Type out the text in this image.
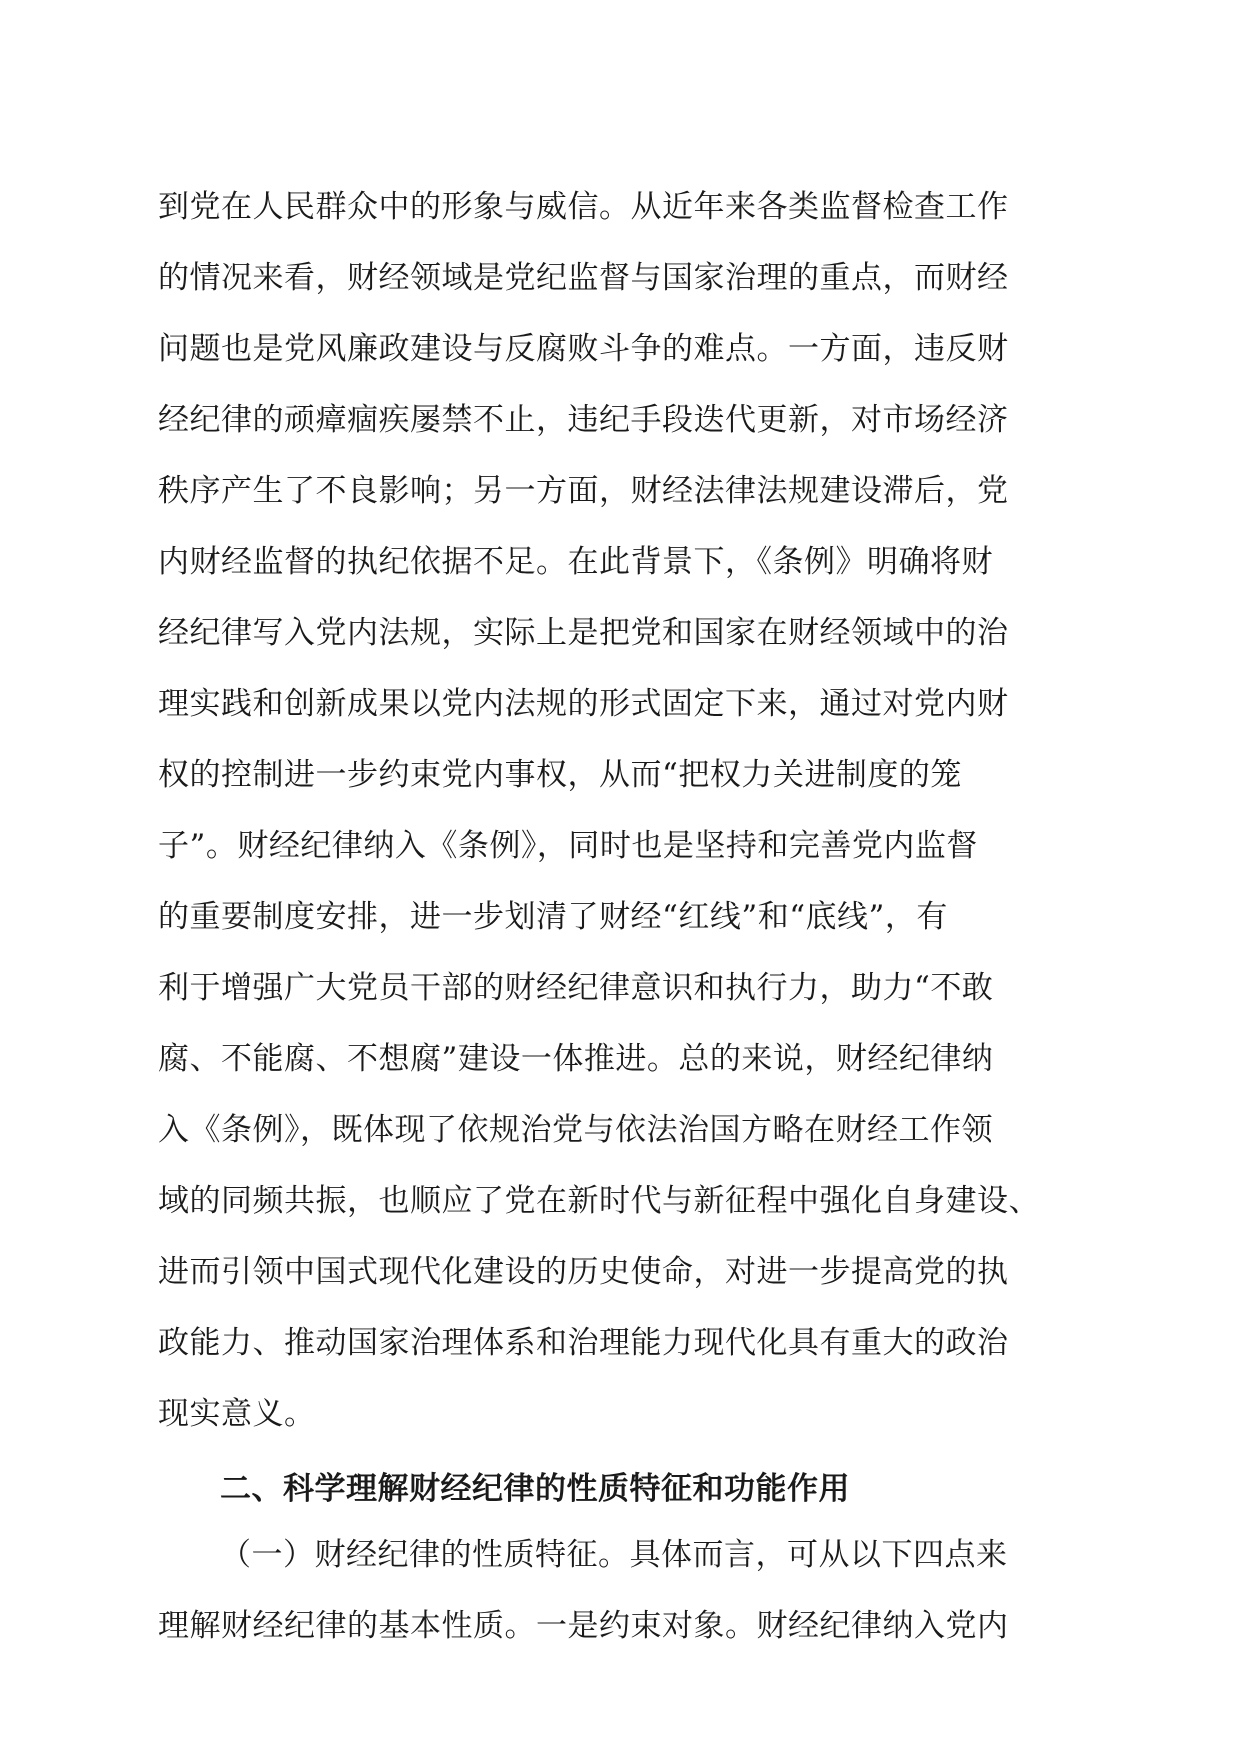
到党在人民群众中的形象与威信。从近年来各类监督检查工作
的情况来看，财经领域是党纪监督与国家治理的重点，而财经
问题也是党风廉政建设与反腐败斗争的难点。一方面，违反财
经纪律的顽瘴痼疾屡禁不止，违纪手段迭代更新，对市场经济
秩序产生了不良影响；另一方面，财经法律法规建设滞后，党
内财经监督的执纪依据不足。在此背景下，《条例》明确将财
经纪律写入党内法规，实际上是把党和国家在财经领域中的治
理实践和创新成果以党内法规的形式固定下来，通过对党内财
权的控制进一步约束党内事权，从而“把权力关进制度的笼
子”。财经纪律纳入《条例》，同时也是坚持和完善党内监督
的重要制度安排，进一步划清了财经“红线”和“底线”，有
利于增强广大党员干部的财经纪律意识和执行力，助力“不敢
腐、不能腐、不想腐”建设一体推进。总的来说，财经纪律纳
入《条例》，既体现了依规治党与依法治国方略在财经工作领
域的同频共振，也顺应了党在新时代与新征程中强化自身建设、
进而引领中国式现代化建设的历史使命，对进一步提高党的执
政能力、推动国家治理体系和治理能力现代化具有重大的政治
现实意义。
二、科学理解财经纪律的性质特征和功能作用
（一）财经纪律的性质特征。具体而言，可从以下四点来
理解财经纪律的基本性质。一是约束对象。财经纪律纳入党内
